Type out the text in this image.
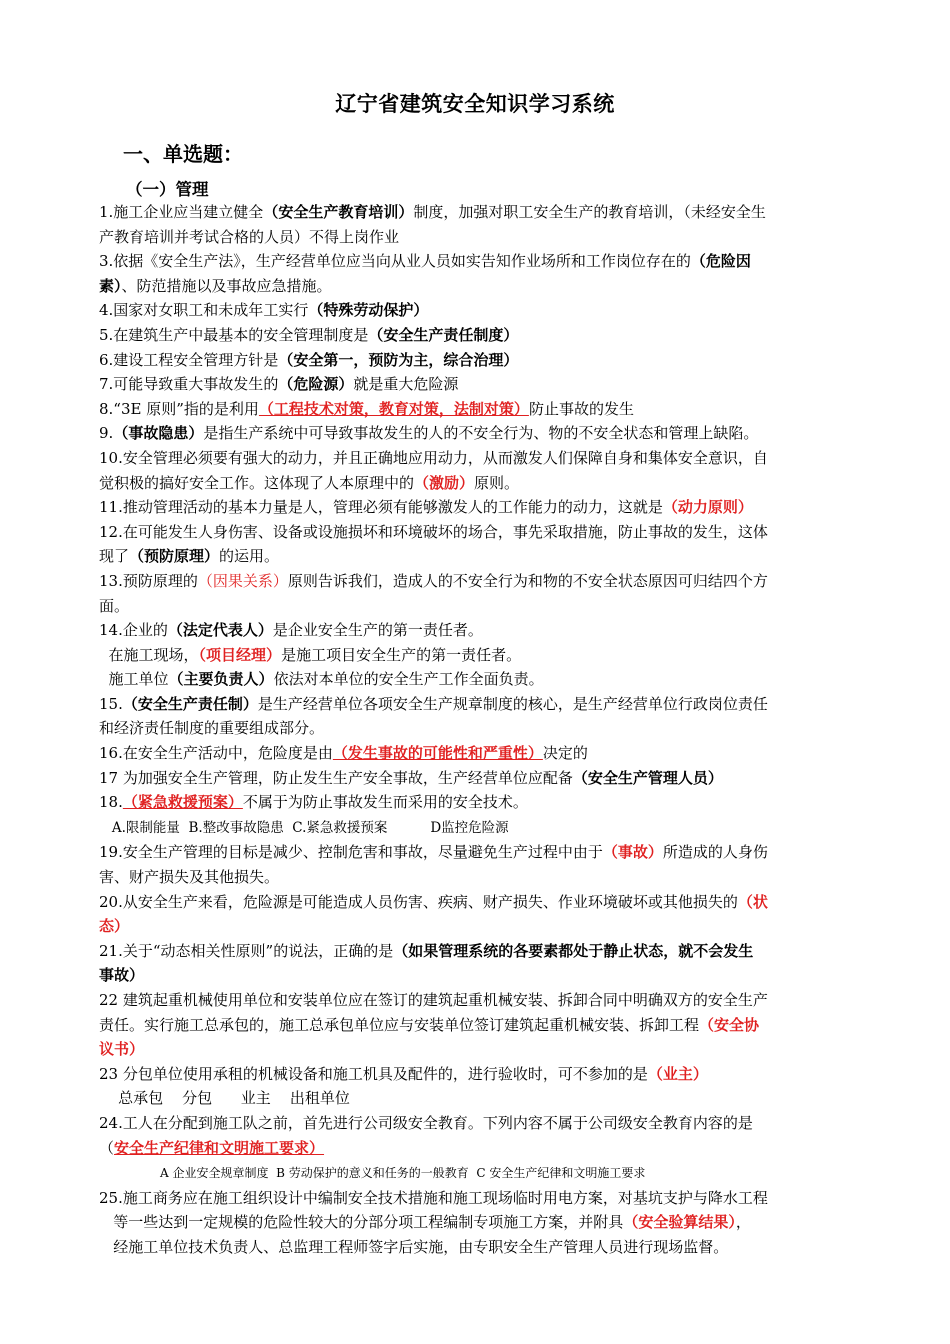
辽宁省建筑安全知识学习系统
一、单选题：
（一）管理

1.施工企业应当建立健全（安全生产教育培训）制度，加强对职工安全生产的教育培训，（未经安全生

产教育培训并考试合格的人员）不得上岗作业

3.依据《安全生产法》，生产经营单位应当向从业人员如实告知作业场所和工作岗位存在的（危险因

素）、防范措施以及事故应急措施。

4.国家对女职工和未成年工实行（特殊劳动保护）

5.在建筑生产中最基本的安全管理制度是（安全生产责任制度）

6.建设工程安全管理方针是（安全第一，预防为主，综合治理）

7.可能导致重大事故发生的（危险源）就是重大危险源

8.“3E 原则”指的是利用（工程技术对策，教育对策，法制对策）防止事故的发生

9.（事故隐患）是指生产系统中可导致事故发生的人的不安全行为、物的不安全状态和管理上缺陷。

10.安全管理必须要有强大的动力，并且正确地应用动力，从而激发人们保障自身和集体安全意识，自

觉积极的搞好安全工作。这体现了人本原理中的（激励）原则。

11.推动管理活动的基本力量是人，管理必须有能够激发人的工作能力的动力，这就是（动力原则）

12.在可能发生人身伤害、设备或设施损坏和环境破坏的场合，事先采取措施，防止事故的发生，这体

现了（预防原理）的运用。

13.预防原理的（因果关系）原则告诉我们，造成人的不安全行为和物的不安全状态原因可归结四个方

面。

14.企业的（法定代表人）是企业安全生产的第一责任者。

在施工现场，（项目经理）是施工项目安全生产的第一责任者。

施工单位（主要负责人）依法对本单位的安全生产工作全面负责。

15.（安全生产责任制）是生产经营单位各项安全生产规章制度的核心，是生产经营单位行政岗位责任

和经济责任制度的重要组成部分。

16.在安全生产活动中，危险度是由（发生事故的可能性和严重性）决定的

17 为加强安全生产管理，防止发生生产安全事故，生产经营单位应配备（安全生产管理人员）

18.（紧急救援预案）不属于为防止事故发生而采用的安全技术。

A.限制能量  B.整改事故隐患  C.紧急救援预案          D监控危险源

19.安全生产管理的目标是减少、控制危害和事故，尽量避免生产过程中由于（事故）所造成的人身伤

害、财产损失及其他损失。

20.从安全生产来看，危险源是可能造成人员伤害、疾病、财产损失、作业环境破坏或其他损失的（状

态）

21.关于“动态相关性原则”的说法，正确的是（如果管理系统的各要素都处于静止状态，就不会发生

事故）

22 建筑起重机械使用单位和安装单位应在签订的建筑起重机械安装、拆卸合同中明确双方的安全生产

责任。实行施工总承包的，施工总承包单位应与安装单位签订建筑起重机械安装、拆卸工程（安全协

议书）

23 分包单位使用承租的机械设备和施工机具及配件的，进行验收时，可不参加的是（业主）

总承包    分包      业主    出租单位

24.工人在分配到施工队之前，首先进行公司级安全教育。下列内容不属于公司级安全教育内容的是

（安全生产纪律和文明施工要求）

A 企业安全规章制度  B 劳动保护的意义和任务的一般教育  C 安全生产纪律和文明施工要求

25.施工商务应在施工组织设计中编制安全技术措施和施工现场临时用电方案，对基坑支护与降水工程

等一些达到一定规模的危险性较大的分部分项工程编制专项施工方案，并附具（安全验算结果），

经施工单位技术负责人、总监理工程师签字后实施，由专职安全生产管理人员进行现场监督。
